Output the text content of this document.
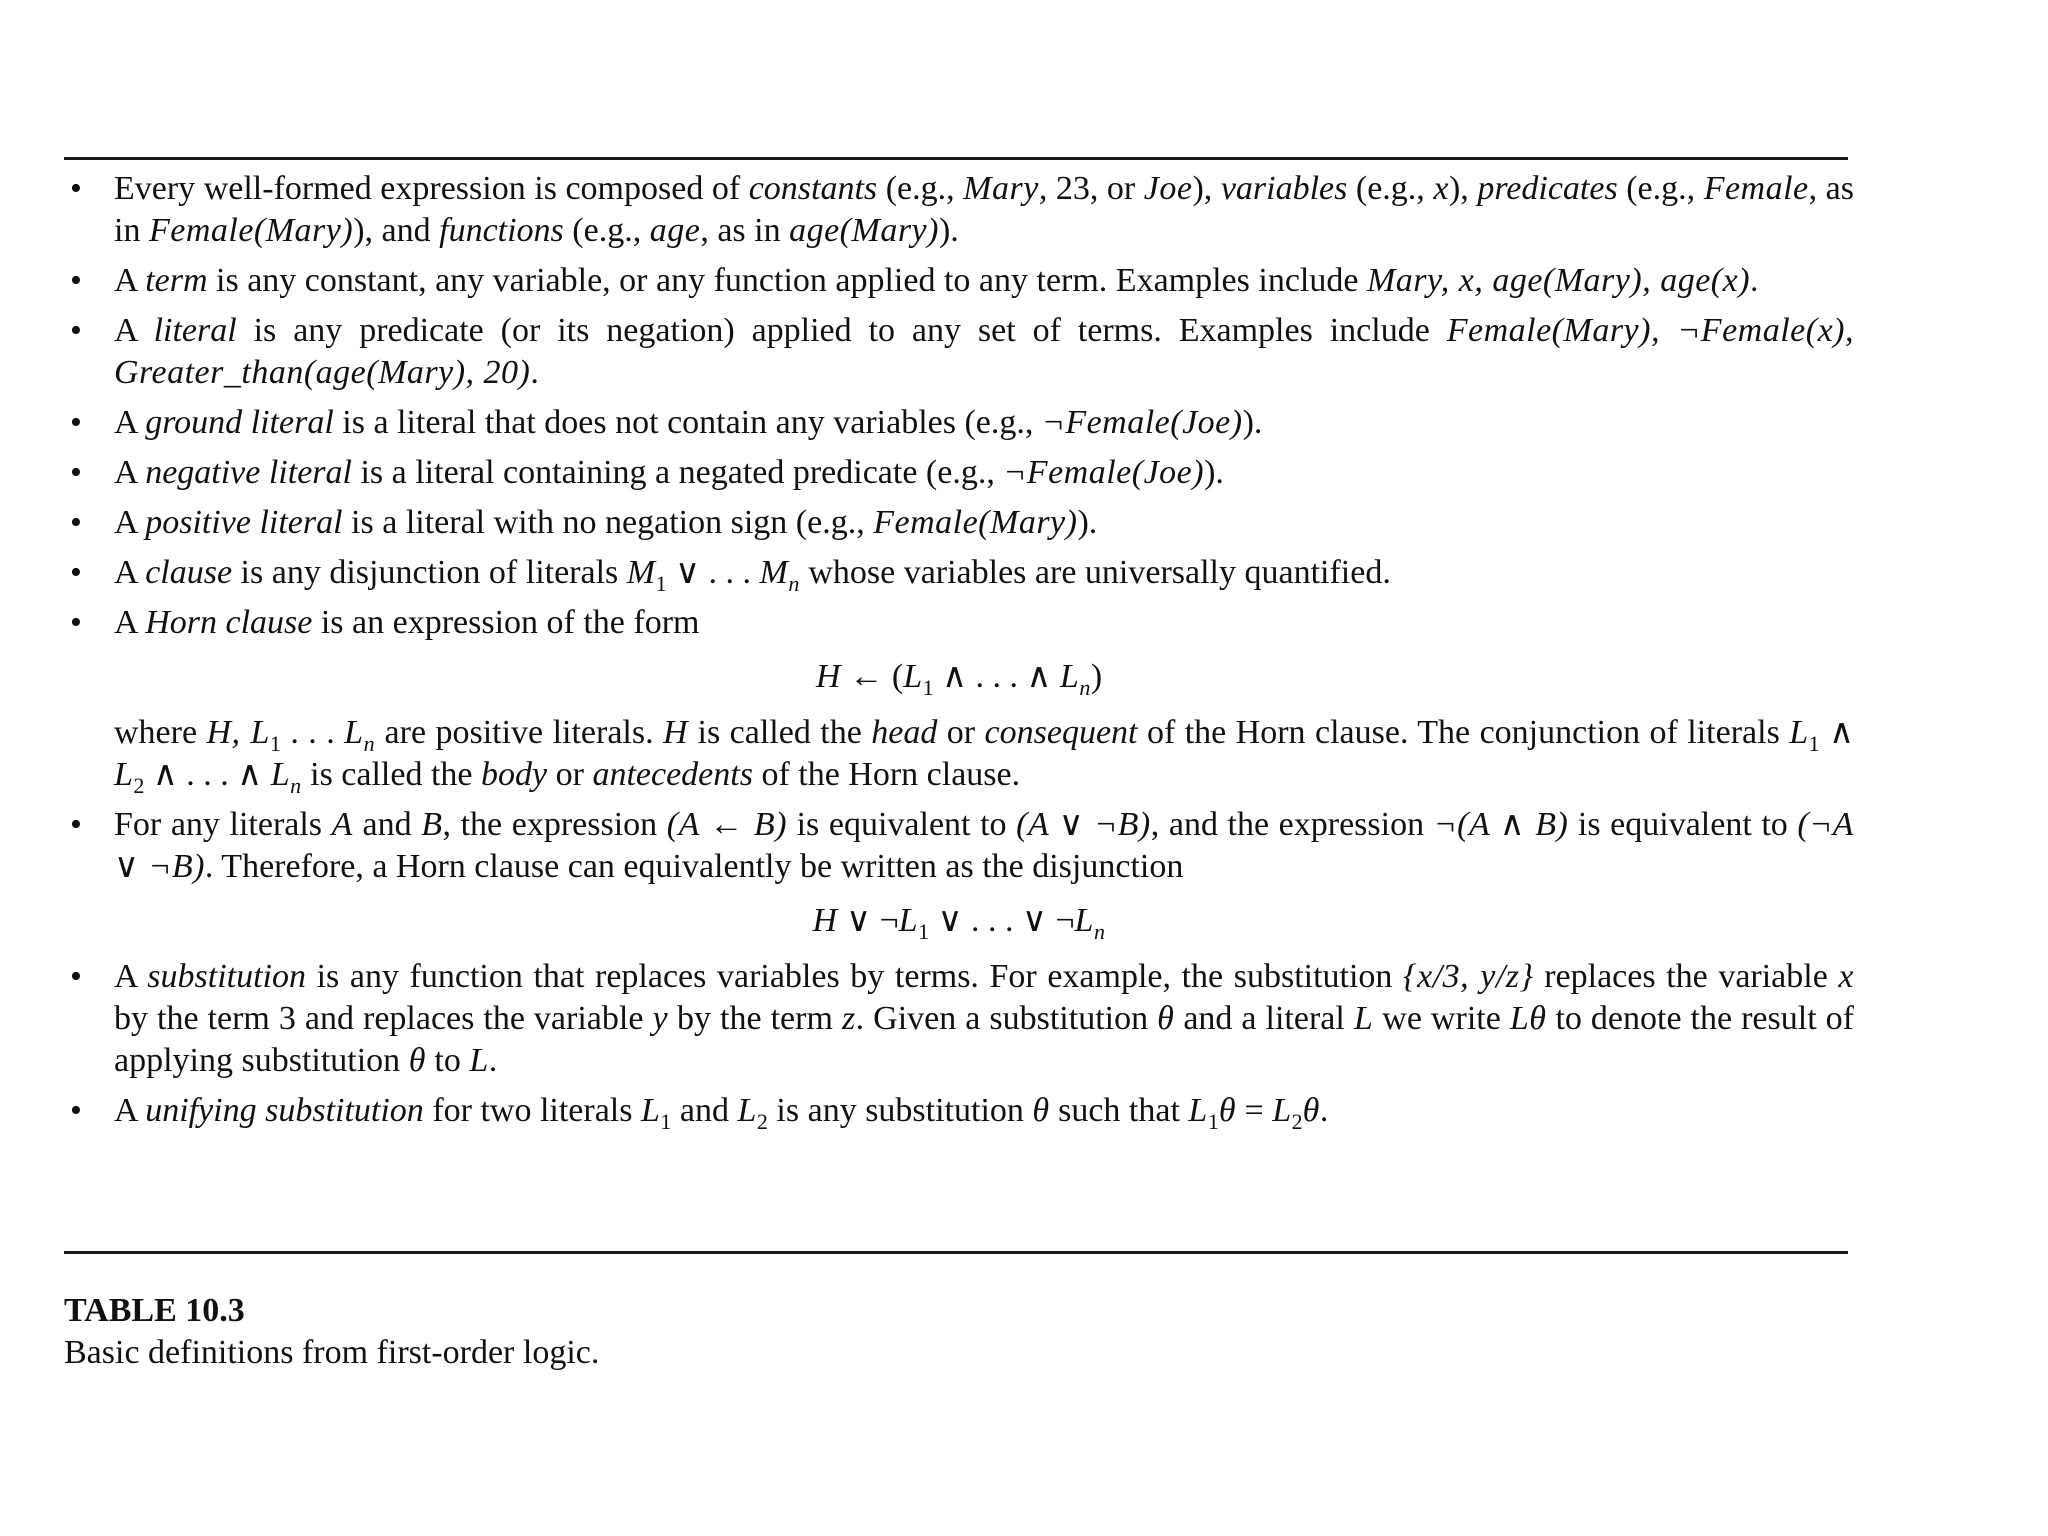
• Every well-formed expression is composed of constants (e.g., Mary, 23, or Joe), variables (e.g., x), predicates (e.g., Female, as in Female(Mary)), and functions (e.g., age, as in age(Mary)).
• A term is any constant, any variable, or any function applied to any term. Examples include Mary, x, age(Mary), age(x).
• A literal is any predicate (or its negation) applied to any set of terms. Examples include Female(Mary), ¬Female(x), Greater_than(age(Mary), 20).
• A ground literal is a literal that does not contain any variables (e.g., ¬Female(Joe)).
• A negative literal is a literal containing a negated predicate (e.g., ¬Female(Joe)).
• A positive literal is a literal with no negation sign (e.g., Female(Mary)).
• A clause is any disjunction of literals $M_1$ ∨ . . . $M_n$ whose variables are universally quantified.
• A Horn clause is an expression of the form
H ← ($L_1$ ∧ . . . ∧ $L_n$)
where H, $L_1$ . . . $L_n$ are positive literals. H is called the head or consequent of the Horn clause. The conjunction of literals $L_1$ ∧ $L_2$ ∧ . . . ∧ $L_n$ is called the body or antecedents of the Horn clause.
• For any literals A and B, the expression (A ← B) is equivalent to (A ∨ ¬B), and the expression ¬(A ∧ B) is equivalent to (¬A ∨ ¬B). Therefore, a Horn clause can equivalently be written as the disjunction
H ∨ $\neg L_1$ ∨ . . . ∨ $\neg L_n$
• A substitution is any function that replaces variables by terms. For example, the substitution {x/3, y/z} replaces the variable x by the term 3 and replaces the variable y by the term z. Given a substitution θ and a literal L we write Lθ to denote the result of applying substitution θ to L.
• A unifying substitution for two literals $L_1$ and $L_2$ is any substitution θ such that $L_1\theta = L_2\theta$.
TABLE 10.3
Basic definitions from first-order logic.
